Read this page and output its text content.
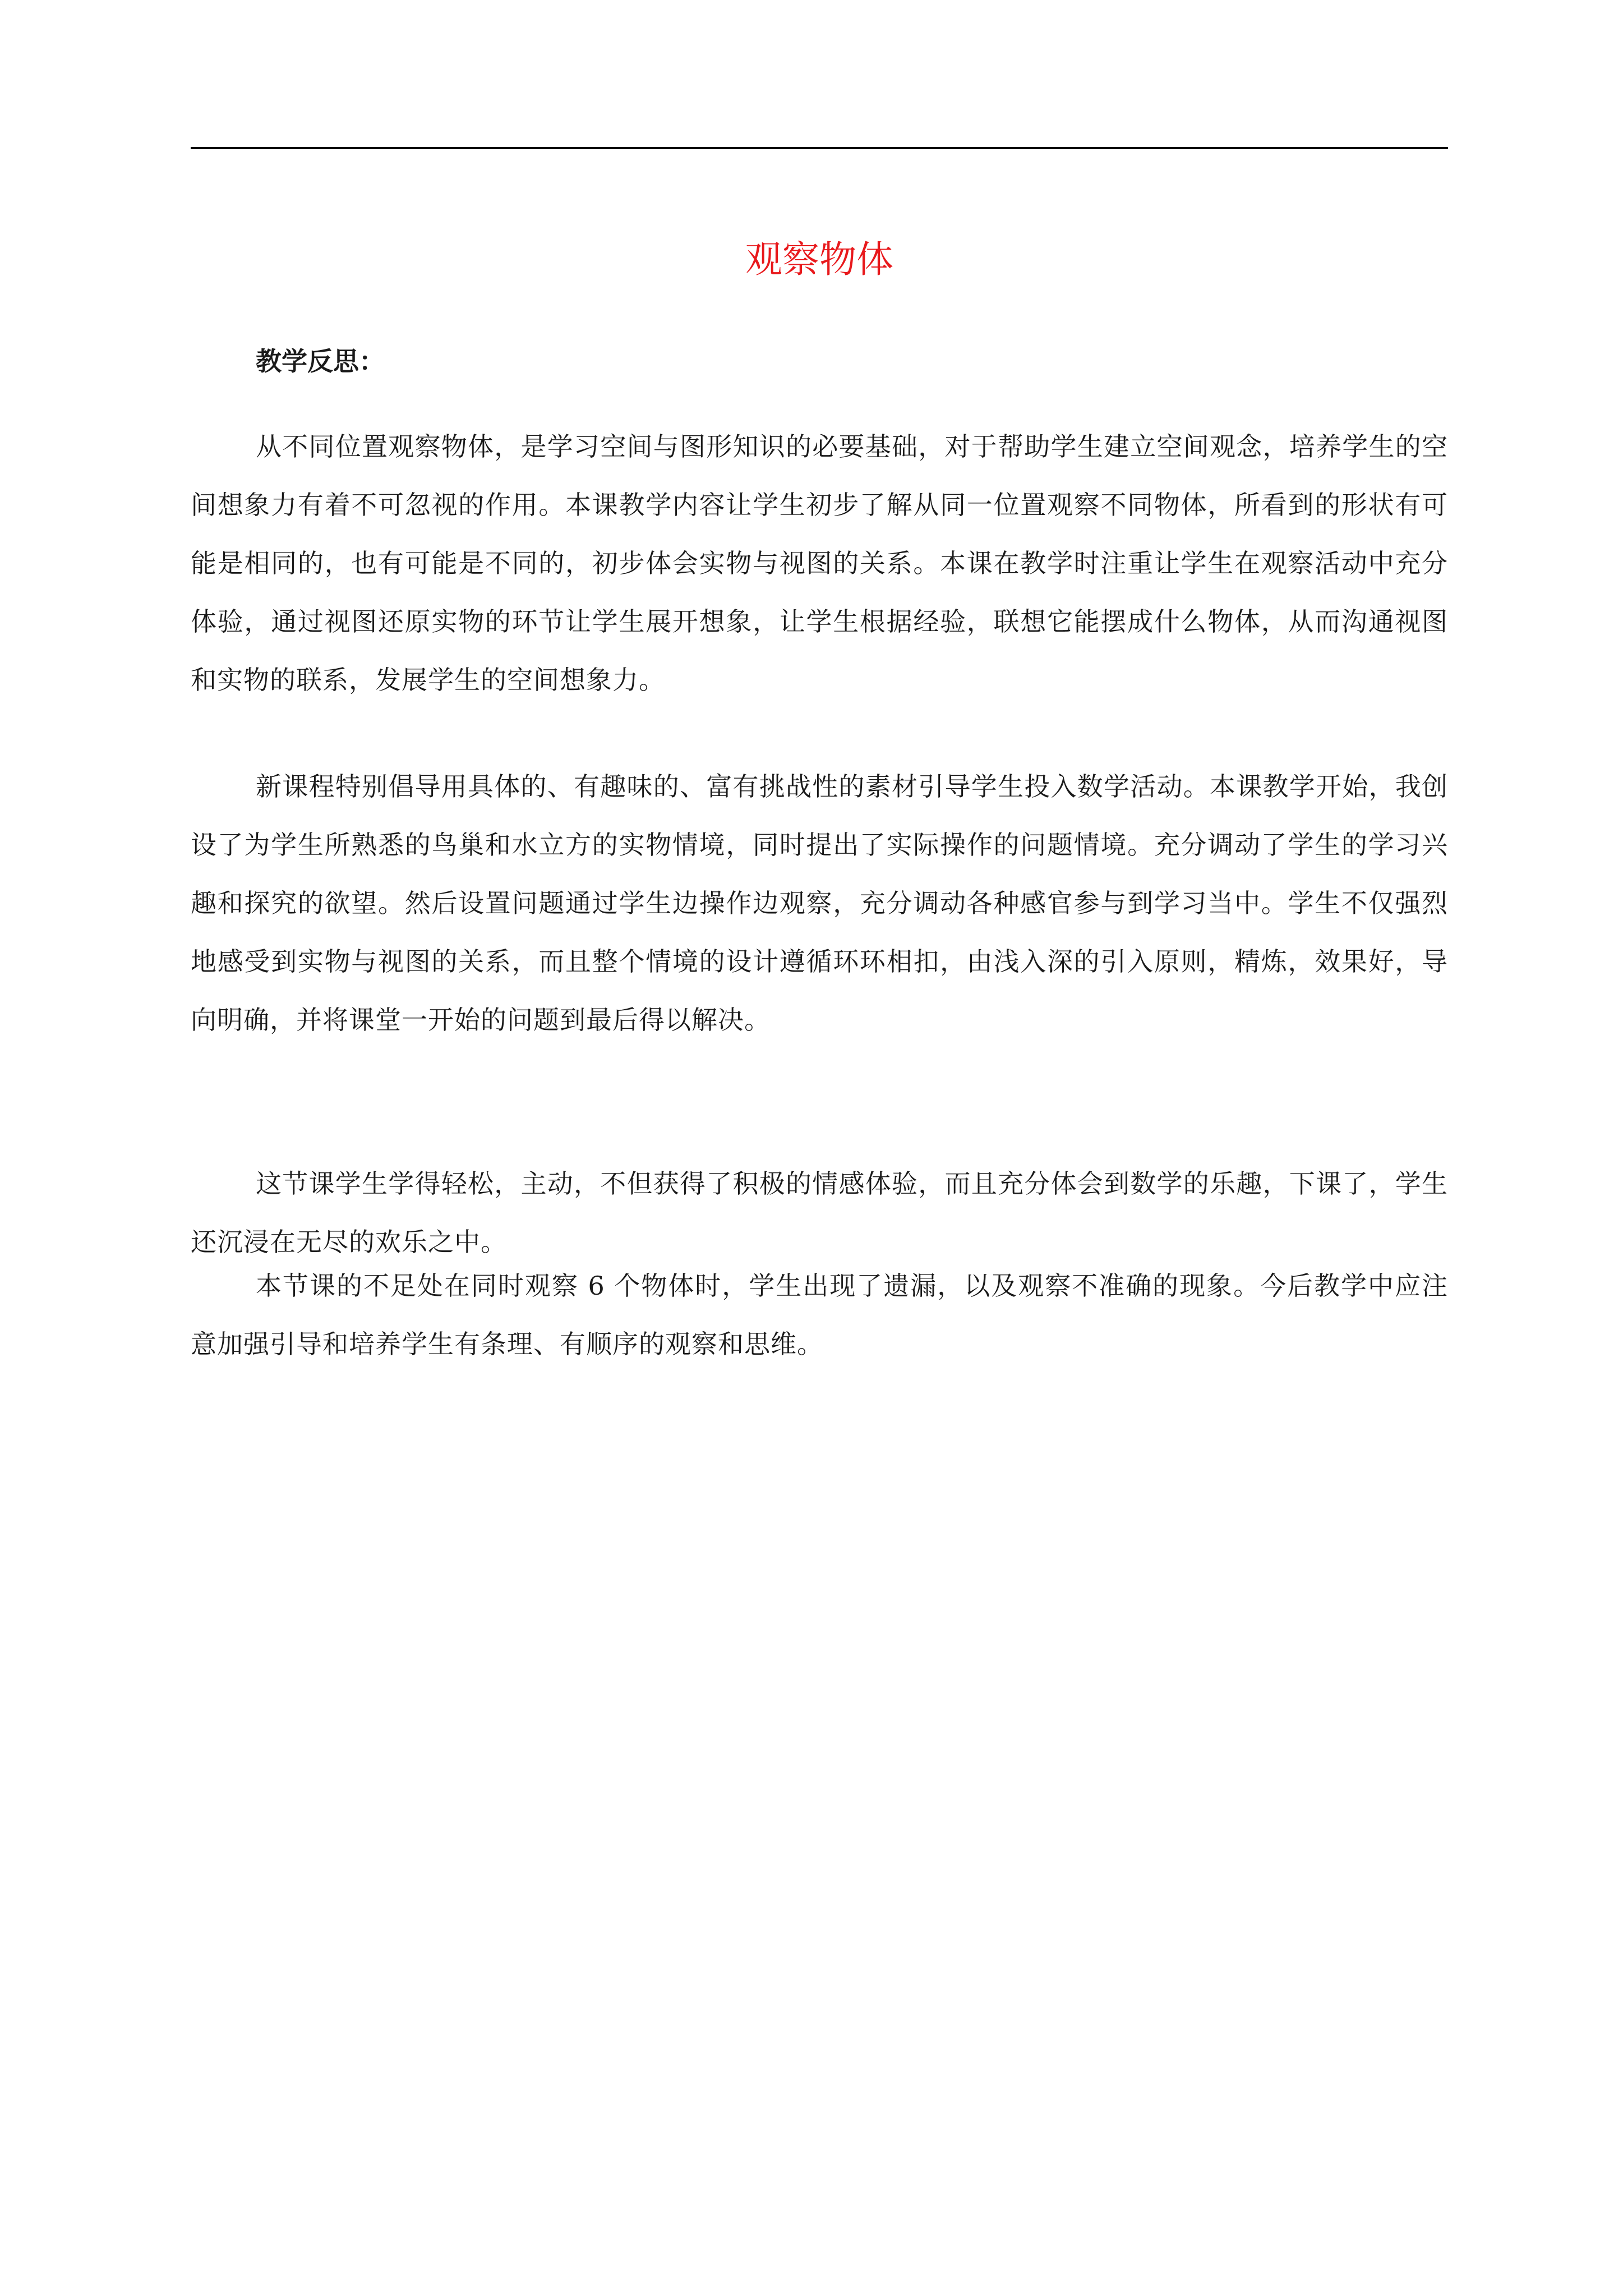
观察物体
教学反思：

从不同位置观察物体，是学习空间与图形知识的必要基础，对于帮助学生建立空间观念，培养学生的空间想象力有着不可忽视的作用。本课教学内容让学生初步了解从同一位置观察不同物体，所看到的形状有可能是相同的，也有可能是不同的，初步体会实物与视图的关系。本课在教学时注重让学生在观察活动中充分体验，通过视图还原实物的环节让学生展开想象，让学生根据经验，联想它能摆成什么物体，从而沟通视图和实物的联系，发展学生的空间想象力。

新课程特别倡导用具体的、有趣味的、富有挑战性的素材引导学生投入数学活动。本课教学开始，我创设了为学生所熟悉的鸟巢和水立方的实物情境，同时提出了实际操作的问题情境。充分调动了学生的学习兴趣和探究的欲望。然后设置问题通过学生边操作边观察，充分调动各种感官参与到学习当中。学生不仅强烈地感受到实物与视图的关系，而且整个情境的设计遵循环环相扣，由浅入深的引入原则，精炼，效果好，导向明确，并将课堂一开始的问题到最后得以解决。

这节课学生学得轻松，主动，不但获得了积极的情感体验，而且充分体会到数学的乐趣，下课了，学生还沉浸在无尽的欢乐之中。

本节课的不足处在同时观察 6 个物体时，学生出现了遗漏，以及观察不准确的现象。今后教学中应注意加强引导和培养学生有条理、有顺序的观察和思维。
